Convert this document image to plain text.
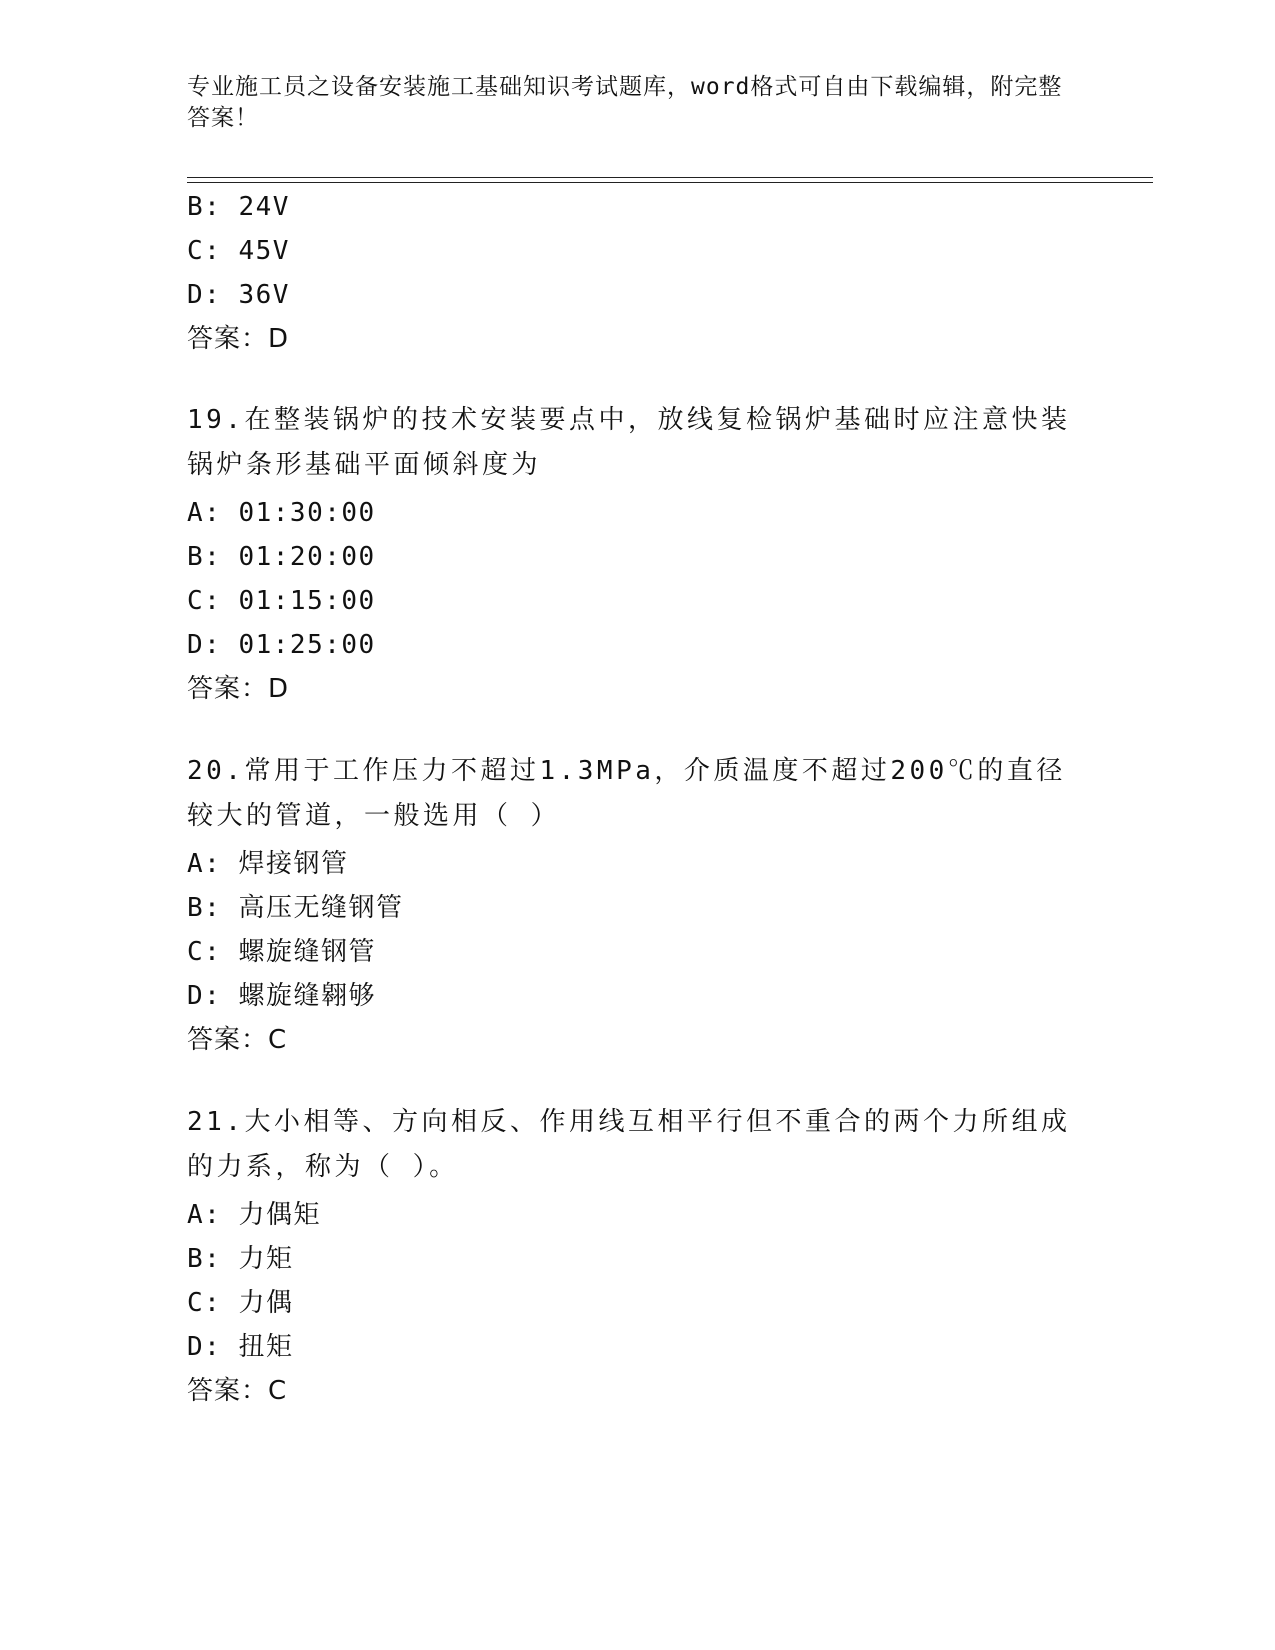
专业施工员之设备安装施工基础知识考试题库，word格式可自由下载编辑，附完整答案！
B: 24V
C: 45V
D: 36V
答案：D
19.在整装锅炉的技术安装要点中，放线复检锅炉基础时应注意快装锅炉条形基础平面倾斜度为
A: 01:30:00
B: 01:20:00
C: 01:15:00
D: 01:25:00
答案：D
20.常用于工作压力不超过1.3MPa，介质温度不超过200℃的直径较大的管道，一般选用（ ）
A: 焊接钢管
B: 高压无缝钢管
C: 螺旋缝钢管
D: 螺旋缝翱够
答案：C
21.大小相等、方向相反、作用线互相平行但不重合的两个力所组成的力系，称为（ ）。
A: 力偶矩
B: 力矩
C: 力偶
D: 扭矩
答案：C
